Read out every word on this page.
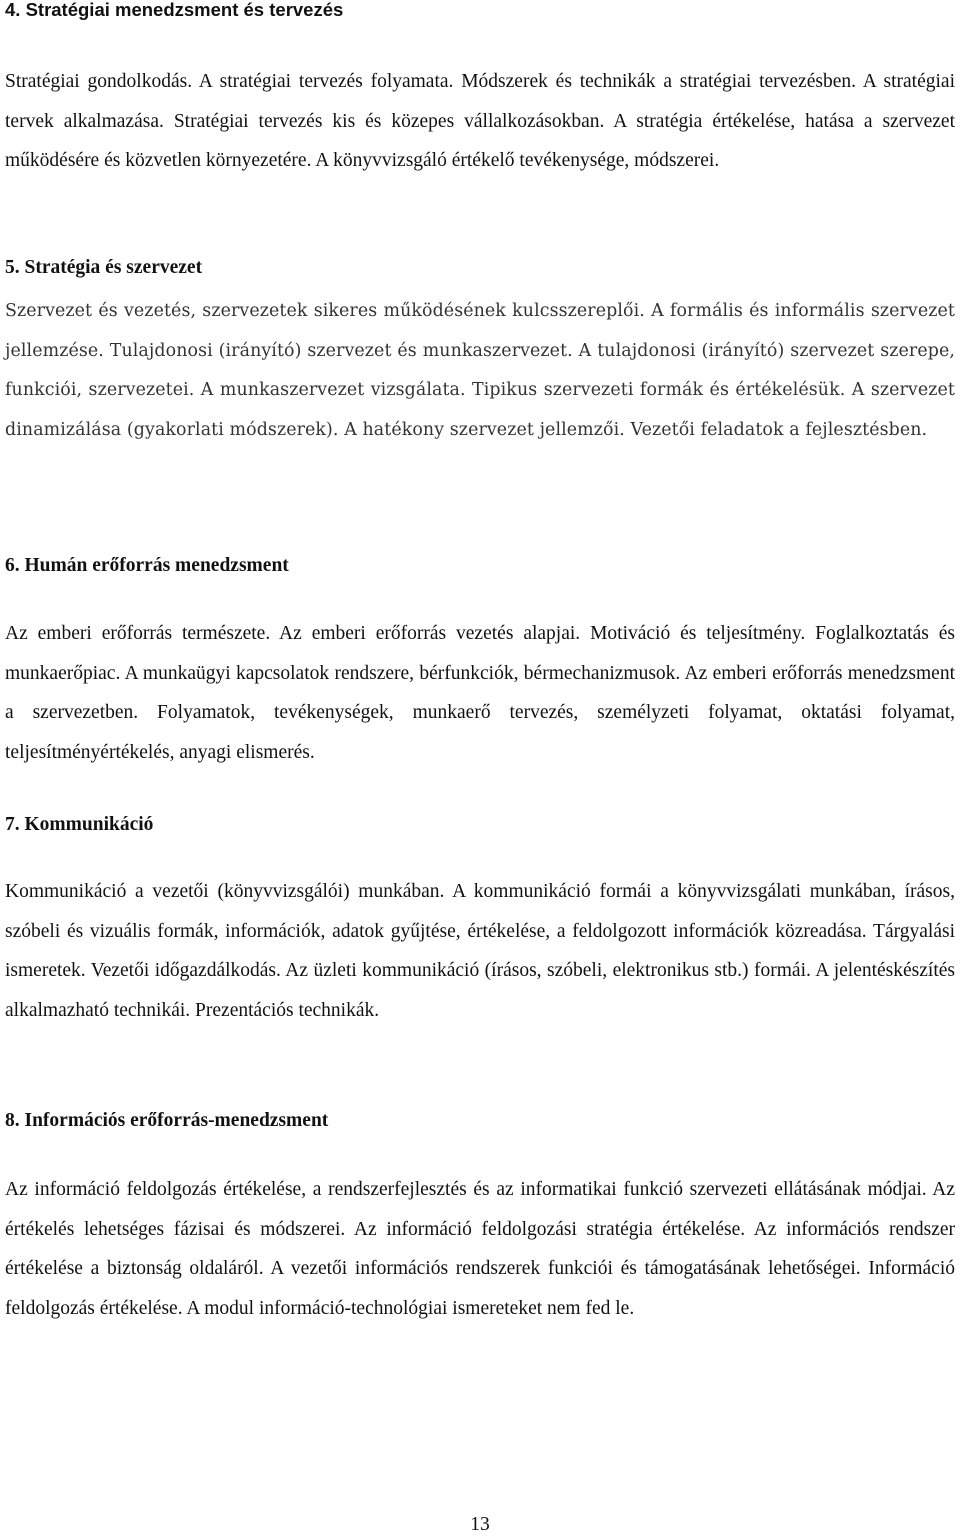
4. Stratégiai menedzsment és tervezés

Stratégiai gondolkodás. A stratégiai tervezés folyamata. Módszerek és technikák a stratégiai tervezésben. A stratégiai tervek alkalmazása. Stratégiai tervezés kis és közepes vállalkozásokban. A stratégia értékelése, hatása a szervezet működésére és közvetlen környezetére. A könyvvizsgáló értékelő tevékenysége, módszerei.

5. Stratégia és szervezet

Szervezet és vezetés, szervezetek sikeres működésének kulcsszereplői. A formális és informális szervezet jellemzése. Tulajdonosi (irányító) szervezet és munkaszervezet. A tulajdonosi (irányító) szervezet szerepe, funkciói, szervezetei. A munkaszervezet vizsgálata. Tipikus szervezeti formák és értékelésük. A szervezet dinamizálása (gyakorlati módszerek). A hatékony szervezet jellemzői. Vezetői feladatok a fejlesztésben.

6. Humán erőforrás menedzsment

Az emberi erőforrás természete. Az emberi erőforrás vezetés alapjai. Motiváció és teljesítmény. Foglalkoztatás és munkaerőpiac. A munkaügyi kapcsolatok rendszere, bérfunkciók, bérmechanizmusok. Az emberi erőforrás menedzsment a szervezetben. Folyamatok, tevékenységek, munkaerő tervezés, személyzeti folyamat, oktatási folyamat, teljesítményértékelés, anyagi elismerés.

7. Kommunikáció

Kommunikáció a vezetői (könyvvizsgálói) munkában. A kommunikáció formái a könyvvizsgálati munkában, írásos, szóbeli és vizuális formák, információk, adatok gyűjtése, értékelése, a feldolgozott információk közreadása. Tárgyalási ismeretek. Vezetői időgazdálkodás. Az üzleti kommunikáció (írásos, szóbeli, elektronikus stb.) formái. A jelentéskészítés alkalmazható technikái. Prezentációs technikák.

8. Információs erőforrás-menedzsment

Az információ feldolgozás értékelése, a rendszerfejlesztés és az informatikai funkció szervezeti ellátásának módjai. Az értékelés lehetséges fázisai és módszerei. Az információ feldolgozási stratégia értékelése. Az információs rendszer értékelése a biztonság oldaláról. A vezetői információs rendszerek funkciói és támogatásának lehetőségei. Információ feldolgozás értékelése. A modul információ-technológiai ismereteket nem fed le.

13
